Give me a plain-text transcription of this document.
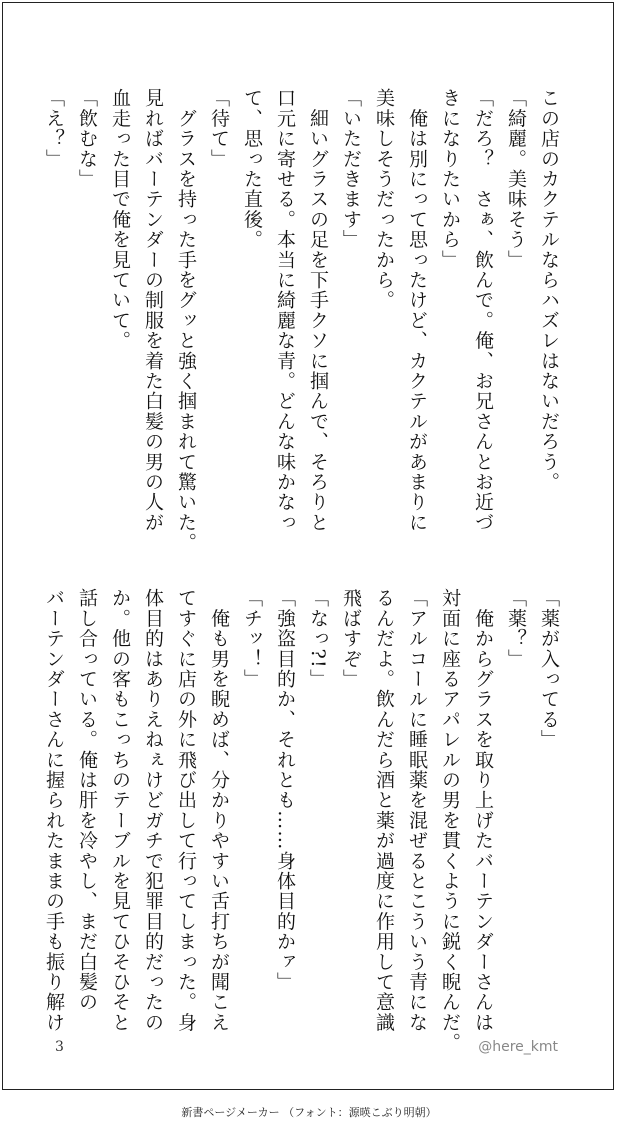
この店のカクテルならハズレはないだろう。
「綺麗。美味そう」
「だろ？　さぁ、飲んで。俺、お兄さんとお近づ
きになりたいから」
　俺は別にって思ったけど、カクテルがあまりに
美味しそうだったから。
「いただきます」
　細いグラスの足を下手クソに掴んで、そろりと
口元に寄せる。本当に綺麗な青。どんな味かなっ
て、思った直後。
「待て」
　グラスを持った手をグッと強く掴まれて驚いた。
見ればバーテンダーの制服を着た白髪の男の人が
血走った目で俺を見ていて。
「飲むな」
「え？」
「薬が入ってる」
「薬？」
　俺からグラスを取り上げたバーテンダーさんは
対面に座るアパレルの男を貫くように鋭く睨んだ。
「アルコールに睡眠薬を混ぜるとこういう青にな
るんだよ。飲んだら酒と薬が過度に作用して意識
飛ばすぞ」
「なっ?!」
「強盗目的か、それとも……身体目的かァ」
「チッ！」
　俺も男を睨めば、分かりやすい舌打ちが聞こえ
てすぐに店の外に飛び出して行ってしまった。身
体目的はありえねぇけどガチで犯罪目的だったの
か。他の客もこっちのテーブルを見てひそひそと
話し合っている。俺は肝を冷やし、まだ白髪の
バーテンダーさんに握られたままの手も振り解け
3	@here_kmt
新書ページメーカー （フォント：源暎こぶり明朝）
